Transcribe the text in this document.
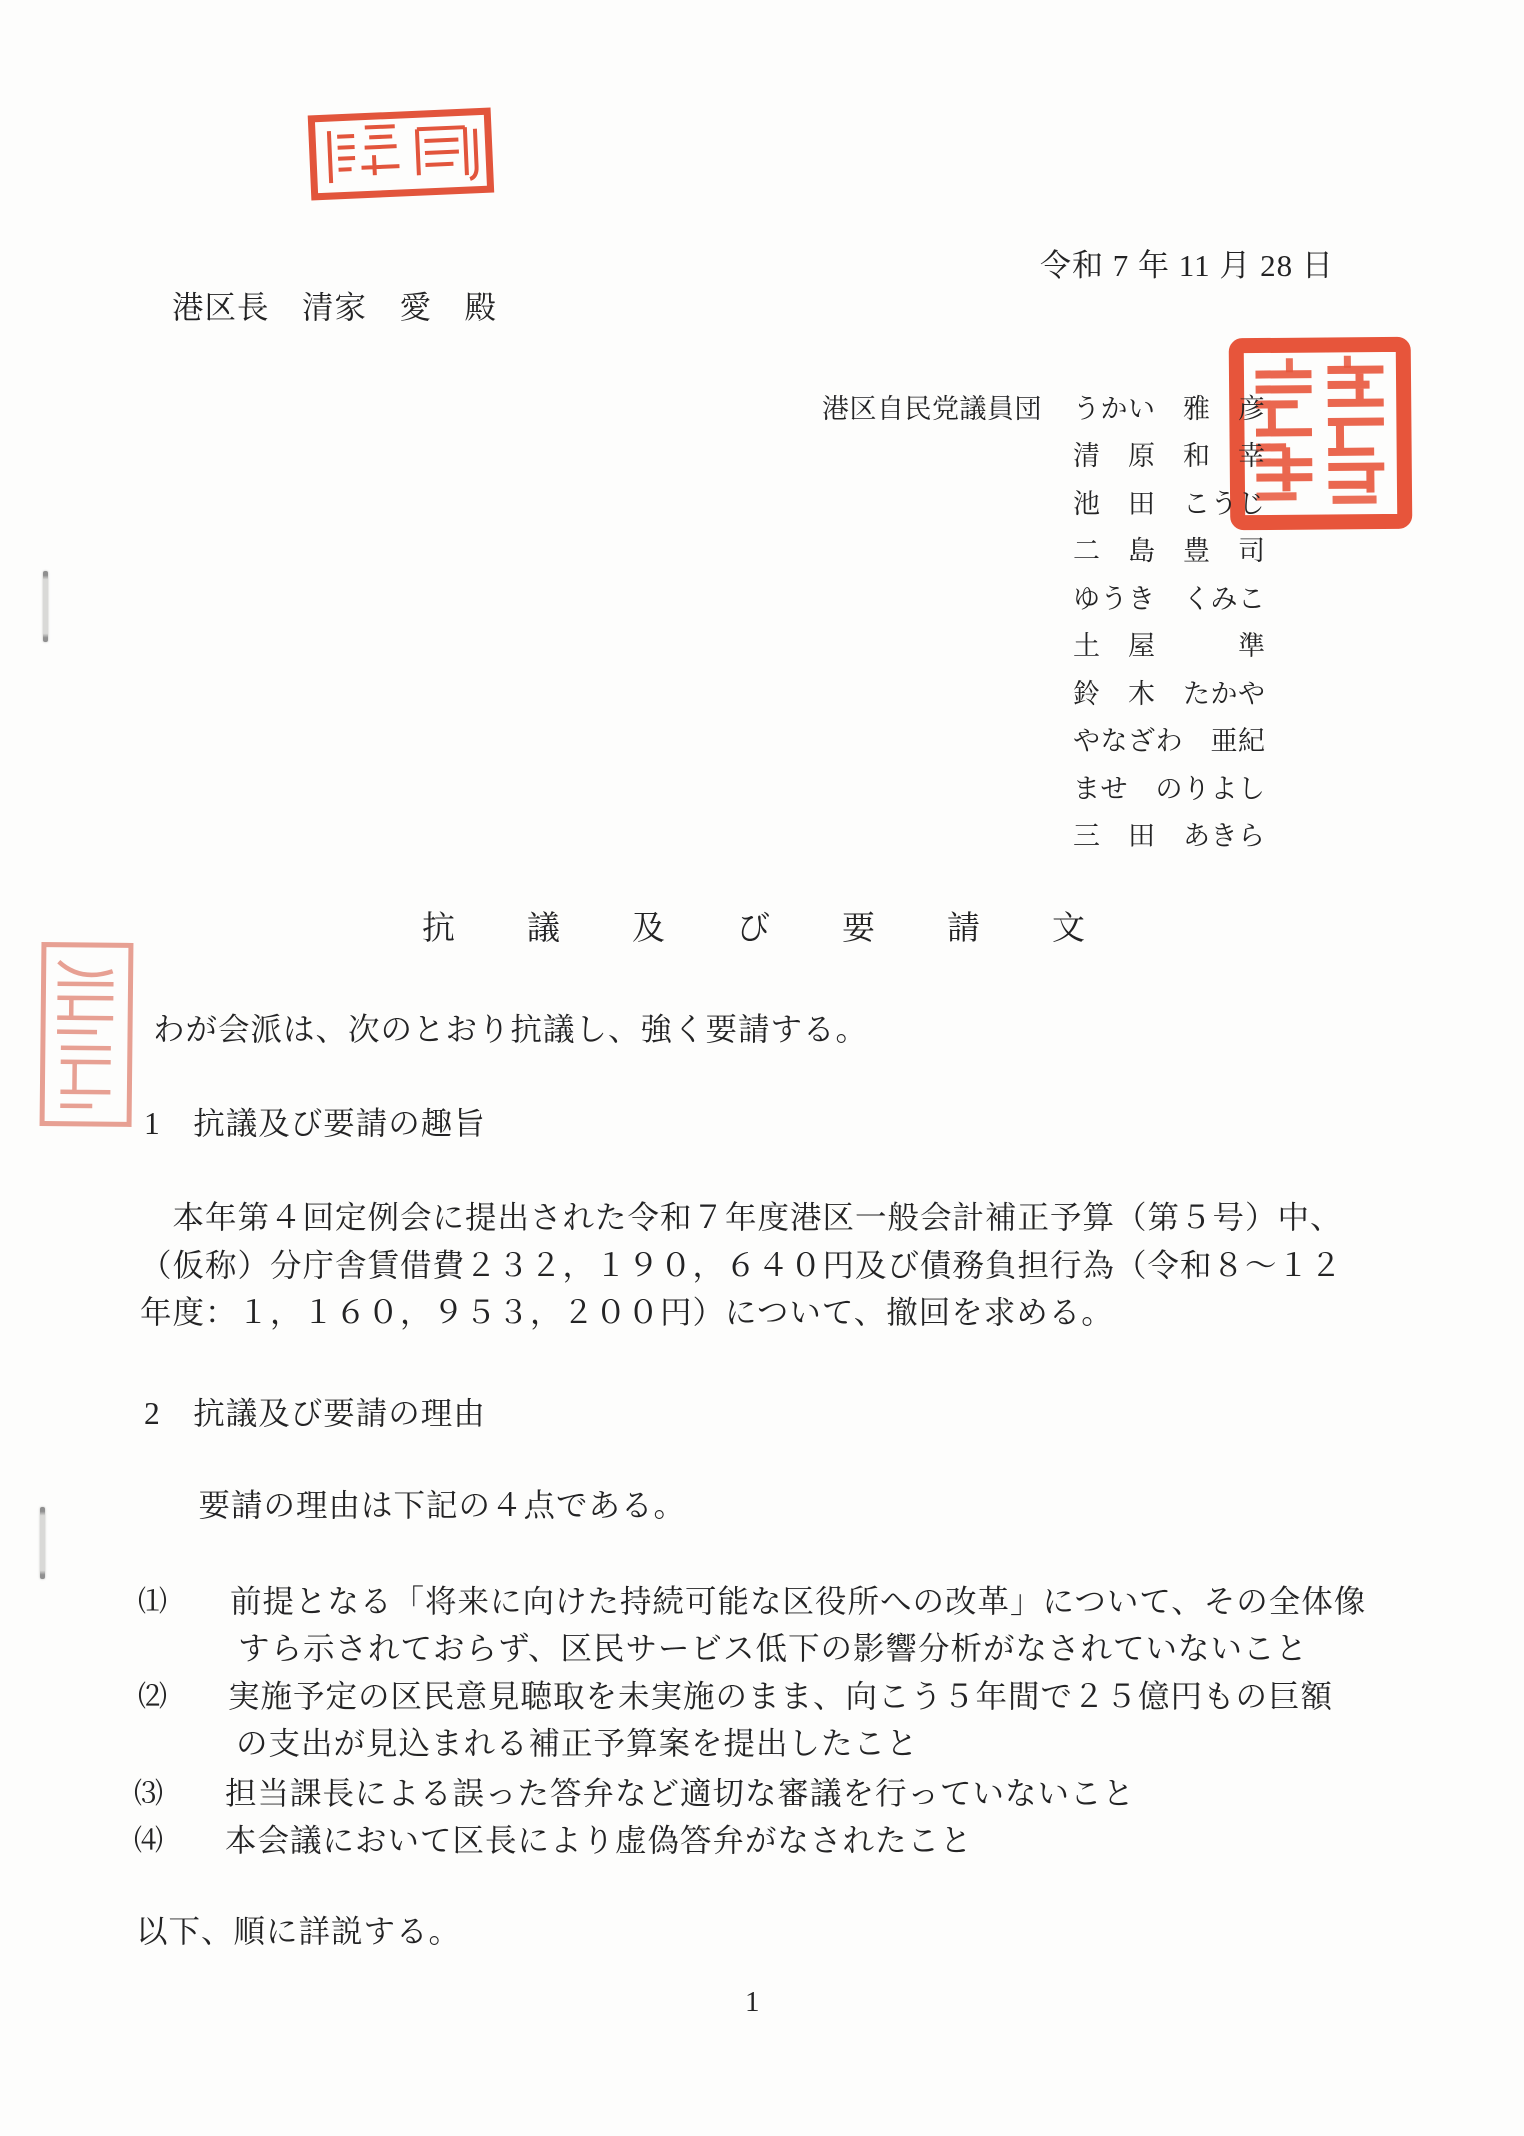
令和 7 年 11 月 28 日
港区長　清家　愛　殿
港区自民党議員団 うかい　雅　彦
清　原　和　幸
池　田　こうじ
二　島　豊　司
ゆうき　くみこ
土　屋　　　準
鈴　木　たかや
やなざわ　亜紀
ませ　のりよし
三　田　あきら
抗　　議　　及　　び　　要　　請　　文
わが会派は、次のとおり抗議し、強く要請する。
1　抗議及び要請の趣旨
　本年第４回定例会に提出された令和７年度港区一般会計補正予算（第５号）中、
（仮称）分庁舎賃借費２３２，１９０，６４０円及び債務負担行為（令和８～１２
年度：１，１６０，９５３，２００円）について、撤回を求める。
2　抗議及び要請の理由
　要請の理由は下記の４点である。
⑴ 前提となる「将来に向けた持続可能な区役所への改革」について、その全体像
すら示されておらず、区民サービス低下の影響分析がなされていないこと
⑵ 実施予定の区民意見聴取を未実施のまま、向こう５年間で２５億円もの巨額
の支出が見込まれる補正予算案を提出したこと
⑶ 担当課長による誤った答弁など適切な審議を行っていないこと
⑷ 本会議において区長により虚偽答弁がなされたこと
以下、順に詳説する。
1
